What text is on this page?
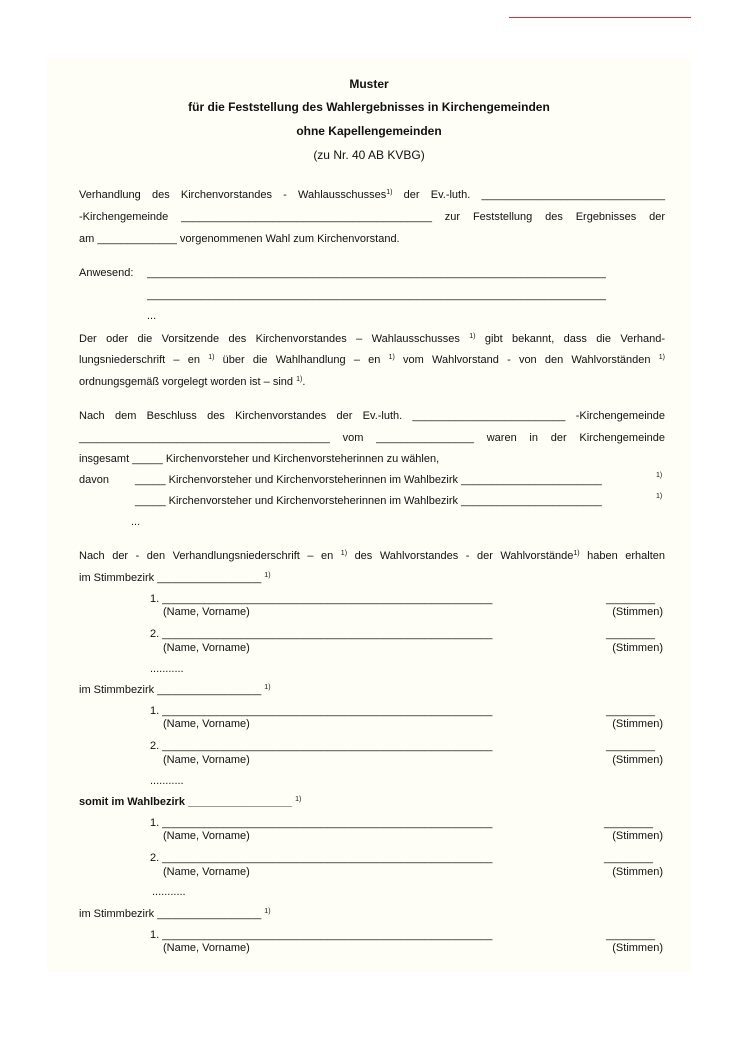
Muster
für die Feststellung des Wahlergebnisses in Kirchengemeinden
ohne Kapellengemeinden
(zu Nr. 40 AB KVBG)
Verhandlung des Kirchenvorstandes - Wahlausschusses$^{1)}$ der Ev.-luth. ______________________________
-Kirchengemeinde _________________________________________ zur Feststellung des Ergebnisses der
am _____________ vorgenommenen Wahl zum Kirchenvorstand.
Anwesend: ___________________________________________________________________________
___________________________________________________________________________
...
Der oder die Vorsitzende des Kirchenvorstandes – Wahlausschusses $^{1)}$ gibt bekannt, dass die Verhand-
lungsniederschrift – en $^{1)}$ über die Wahlhandlung – en $^{1)}$ vom Wahlvorstand - von den Wahlvorständen $^{1)}$
ordnungsgemäß vorgelegt worden ist – sind $^{1)}$.
Nach dem Beschluss des Kirchenvorstandes der Ev.-luth. _________________________ -Kirchengemeinde
_________________________________________ vom ________________ waren in der Kirchengemeinde
insgesamt _____ Kirchenvorsteher und Kirchenvorsteherinnen zu wählen,
davon _____ Kirchenvorsteher und Kirchenvorsteherinnen im Wahlbezirk _______________________	1)
_____ Kirchenvorsteher und Kirchenvorsteherinnen im Wahlbezirk _______________________	1)
...
Nach der - den Verhandlungsniederschrift – en $^{1)}$ des Wahlvorstandes - der Wahlvorstände$^{1)}$ haben erhalten
im Stimmbezirk _________________ $^{1)}$
1. ______________________________________________________	________
(Name, Vorname)	(Stimmen)
2. ______________________________________________________	________
(Name, Vorname)	(Stimmen)
...........
im Stimmbezirk _________________ $^{1)}$
1. ______________________________________________________	________
(Name, Vorname)	(Stimmen)
2. ______________________________________________________	________
(Name, Vorname)	(Stimmen)
...........
somit im Wahlbezirk _________________ $^{1)}$
1. ______________________________________________________	________
(Name, Vorname)	(Stimmen)
2. ______________________________________________________	________
(Name, Vorname)	(Stimmen)
...........
im Stimmbezirk _________________ $^{1)}$
1. ______________________________________________________	________
(Name, Vorname)	(Stimmen)
